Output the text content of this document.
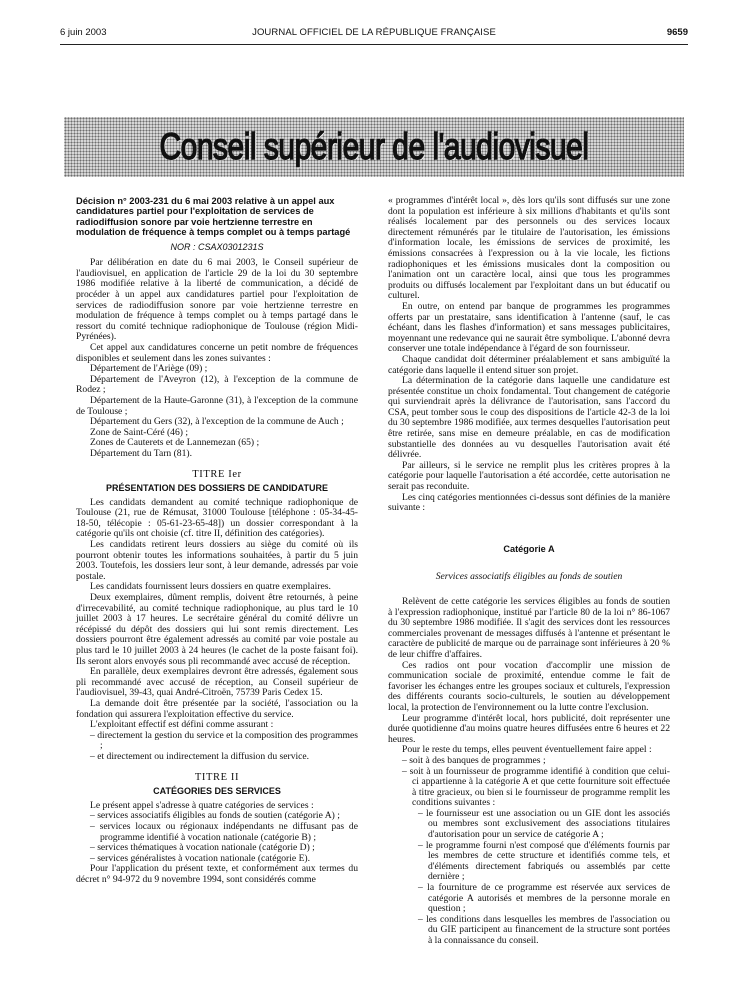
6 juin 2003	JOURNAL OFFICIEL DE LA RÉPUBLIQUE FRANÇAISE	9659
Conseil supérieur de l'audiovisuel

Décision n° 2003-231 du 6 mai 2003 relative à un appel aux candidatures partiel pour l'exploitation de services de radiodiffusion sonore par voie hertzienne terrestre en modulation de fréquence à temps complet ou à temps partagé

NOR : CSAX0301231S

Par délibération en date du 6 mai 2003, le Conseil supérieur de l'audiovisuel, en application de l'article 29 de la loi du 30 septembre 1986 modifiée relative à la liberté de communication, a décidé de procéder à un appel aux candidatures partiel pour l'exploitation de services de radiodiffusion sonore par voie hertzienne terrestre en modulation de fréquence à temps complet ou à temps partagé dans le ressort du comité technique radiophonique de Toulouse (région Midi-Pyrénées).

Cet appel aux candidatures concerne un petit nombre de fréquences disponibles et seulement dans les zones suivantes :

Département de l'Ariège (09) ;

Département de l'Aveyron (12), à l'exception de la commune de Rodez ;

Département de la Haute-Garonne (31), à l'exception de la commune de Toulouse ;

Département du Gers (32), à l'exception de la commune de Auch ;

Zone de Saint-Céré (46) ;

Zones de Cauterets et de Lannemezan (65) ;

Département du Tarn (81).

TITRE Ier

PRÉSENTATION DES DOSSIERS DE CANDIDATURE

Les candidats demandent au comité technique radiophonique de Toulouse (21, rue de Rémusat, 31000 Toulouse [téléphone : 05-34-45-18-50, télécopie : 05-61-23-65-48]) un dossier correspondant à la catégorie qu'ils ont choisie (cf. titre II, définition des catégories).

Les candidats retirent leurs dossiers au siège du comité où ils pourront obtenir toutes les informations souhaitées, à partir du 5 juin 2003. Toutefois, les dossiers leur sont, à leur demande, adressés par voie postale.

Les candidats fournissent leurs dossiers en quatre exemplaires.

Deux exemplaires, dûment remplis, doivent être retournés, à peine d'irrecevabilité, au comité technique radiophonique, au plus tard le 10 juillet 2003 à 17 heures. Le secrétaire général du comité délivre un récépissé du dépôt des dossiers qui lui sont remis directement. Les dossiers pourront être également adressés au comité par voie postale au plus tard le 10 juillet 2003 à 24 heures (le cachet de la poste faisant foi). Ils seront alors envoyés sous pli recommandé avec accusé de réception.

En parallèle, deux exemplaires devront être adressés, également sous pli recommandé avec accusé de réception, au Conseil supérieur de l'audiovisuel, 39-43, quai André-Citroën, 75739 Paris Cedex 15.

La demande doit être présentée par la société, l'association ou la fondation qui assurera l'exploitation effective du service.

L'exploitant effectif est défini comme assurant :

– directement la gestion du service et la composition des programmes ;

– et directement ou indirectement la diffusion du service.

TITRE II

CATÉGORIES DES SERVICES

Le présent appel s'adresse à quatre catégories de services :

– services associatifs éligibles au fonds de soutien (catégorie A) ;

– services locaux ou régionaux indépendants ne diffusant pas de programme identifié à vocation nationale (catégorie B) ;

– services thématiques à vocation nationale (catégorie D) ;

– services généralistes à vocation nationale (catégorie E).

Pour l'application du présent texte, et conformément aux termes du décret n° 94-972 du 9 novembre 1994, sont considérés comme

« programmes d'intérêt local », dès lors qu'ils sont diffusés sur une zone dont la population est inférieure à six millions d'habitants et qu'ils sont réalisés localement par des personnels ou des services locaux directement rémunérés par le titulaire de l'autorisation, les émissions d'information locale, les émissions de services de proximité, les émissions consacrées à l'expression ou à la vie locale, les fictions radiophoniques et les émissions musicales dont la composition ou l'animation ont un caractère local, ainsi que tous les programmes produits ou diffusés localement par l'exploitant dans un but éducatif ou culturel.

En outre, on entend par banque de programmes les programmes offerts par un prestataire, sans identification à l'antenne (sauf, le cas échéant, dans les flashes d'information) et sans messages publicitaires, moyennant une redevance qui ne saurait être symbolique. L'abonné devra conserver une totale indépendance à l'égard de son fournisseur.

Chaque candidat doit déterminer préalablement et sans ambiguïté la catégorie dans laquelle il entend situer son projet.

La détermination de la catégorie dans laquelle une candidature est présentée constitue un choix fondamental. Tout changement de catégorie qui surviendrait après la délivrance de l'autorisation, sans l'accord du CSA, peut tomber sous le coup des dispositions de l'article 42-3 de la loi du 30 septembre 1986 modifiée, aux termes desquelles l'autorisation peut être retirée, sans mise en demeure préalable, en cas de modification substantielle des données au vu desquelles l'autorisation avait été délivrée.

Par ailleurs, si le service ne remplit plus les critères propres à la catégorie pour laquelle l'autorisation a été accordée, cette autorisation ne serait pas reconduite.

Les cinq catégories mentionnées ci-dessus sont définies de la manière suivante :

Catégorie A

Services associatifs éligibles au fonds de soutien

Relèvent de cette catégorie les services éligibles au fonds de soutien à l'expression radiophonique, institué par l'article 80 de la loi n° 86-1067 du 30 septembre 1986 modifiée. Il s'agit des services dont les ressources commerciales provenant de messages diffusés à l'antenne et présentant le caractère de publicité de marque ou de parrainage sont inférieures à 20 % de leur chiffre d'affaires.

Ces radios ont pour vocation d'accomplir une mission de communication sociale de proximité, entendue comme le fait de favoriser les échanges entre les groupes sociaux et culturels, l'expression des différents courants socio-culturels, le soutien au développement local, la protection de l'environnement ou la lutte contre l'exclusion.

Leur programme d'intérêt local, hors publicité, doit représenter une durée quotidienne d'au moins quatre heures diffusées entre 6 heures et 22 heures.

Pour le reste du temps, elles peuvent éventuellement faire appel :

– soit à des banques de programmes ;

– soit à un fournisseur de programme identifié à condition que celui-ci appartienne à la catégorie A et que cette fourniture soit effectuée à titre gracieux, ou bien si le fournisseur de programme remplit les conditions suivantes :

– le fournisseur est une association ou un GIE dont les associés ou membres sont exclusivement des associations titulaires d'autorisation pour un service de catégorie A ;

– le programme fourni n'est composé que d'éléments fournis par les membres de cette structure et identifiés comme tels, et d'éléments directement fabriqués ou assemblés par cette dernière ;

– la fourniture de ce programme est réservée aux services de catégorie A autorisés et membres de la personne morale en question ;

– les conditions dans lesquelles les membres de l'association ou du GIE participent au financement de la structure sont portées à la connaissance du conseil.
